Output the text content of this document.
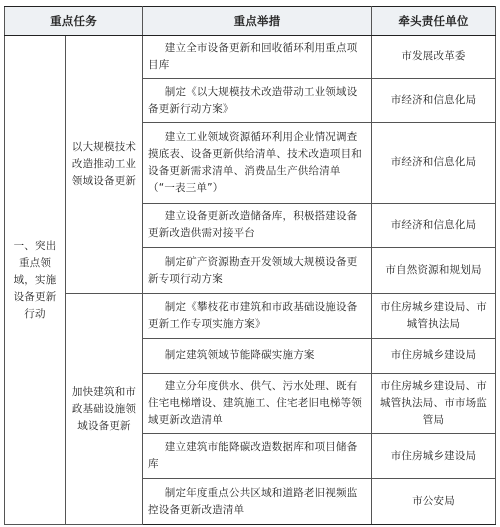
重点任务		重点举措	牵头责任单位
一、突出重点领域，实施设备更新行动	以大规模技术改造推动工业领域设备更新	建立全市设备更新和回收循环利用重点项目库	市发展改革委

		制定《以大规模技术改造带动工业领域设备更新行动方案》	市经济和信息化局

		建立工业领域资源循环利用企业情况调查摸底表、设备更新供给清单、技术改造项目和设备更新需求清单、消费品生产供给清单（“一表三单”）	市经济和信息化局

		建立设备更新改造储备库，积极搭建设备更新改造供需对接平台	市经济和信息化局

		制定矿产资源勘查开发领域大规模设备更新专项行动方案	市自然资源和规划局
	加快建筑和市政基础设施领域设备更新	制定《攀枝花市建筑和市政基础设施设备更新工作专项实施方案》	市住房城乡建设局、市城管执法局

		制定建筑领域节能降碳实施方案	市住房城乡建设局

		建立分年度供水、供气、污水处理、既有住宅电梯增设、建筑施工、住宅老旧电梯等领域更新改造清单	市住房城乡建设局、市城管执法局、市市场监管局

		建立建筑市能降碳改造数据库和项目储备库	市住房城乡建设局

		制定年度重点公共区域和道路老旧视频监控设备更新改造清单	市公安局
